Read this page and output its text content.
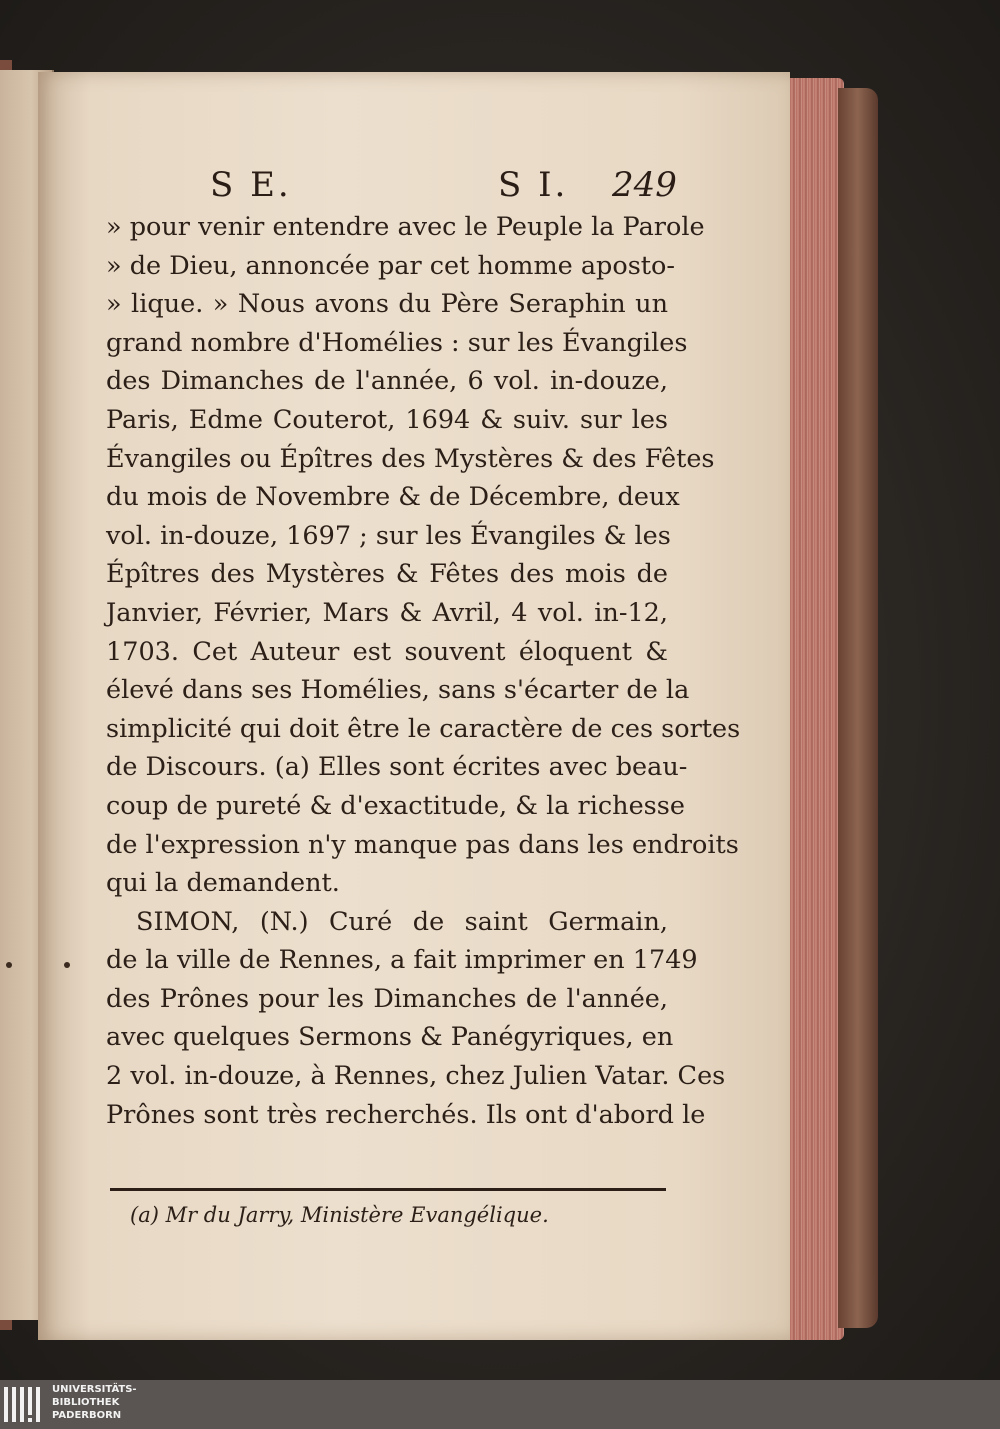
S E.	S I. 249
» pour venir entendre avec le Peuple la Parole
» de Dieu, annoncée par cet homme aposto-
» lique. » Nous avons du Père Seraphin un
grand nombre d'Homélies : sur les Évangiles
des Dimanches de l'année, 6 vol. in-douze,
Paris, Edme Couterot, 1694 & suiv. sur les
Évangiles ou Épîtres des Mystères & des Fêtes
du mois de Novembre & de Décembre, deux
vol. in-douze, 1697 ; sur les Évangiles & les
Épîtres des Mystères & Fêtes des mois de
Janvier, Février, Mars & Avril, 4 vol. in-12,
1703. Cet Auteur est souvent éloquent &
élevé dans ses Homélies, sans s'écarter de la
simplicité qui doit être le caractère de ces sortes
de Discours. (a) Elles sont écrites avec beau-
coup de pureté & d'exactitude, & la richesse
de l'expression n'y manque pas dans les endroits
qui la demandent.
SIMON, (N.) Curé de saint Germain,
de la ville de Rennes, a fait imprimer en 1749
des Prônes pour les Dimanches de l'année,
avec quelques Sermons & Panégyriques, en
2 vol. in-douze, à Rennes, chez Julien Vatar. Ces
Prônes sont très recherchés. Ils ont d'abord le
(a) Mr du Jarry, Ministère Evangélique.
UNIVERSITÄTS-
BIBLIOTHEK
PADERBORN
